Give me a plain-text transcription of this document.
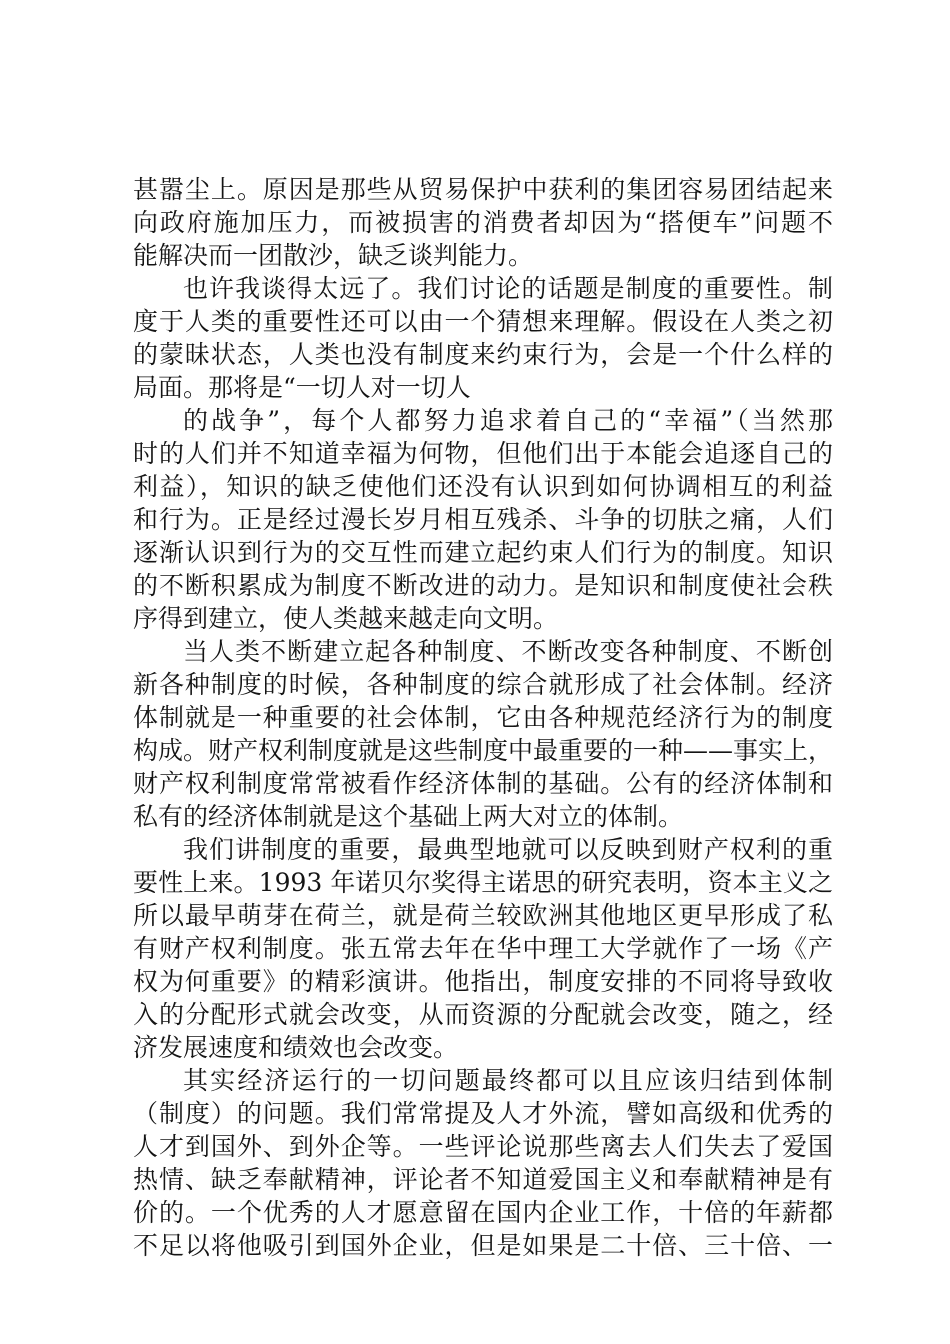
甚嚣尘上。原因是那些从贸易保护中获利的集团容易团结起来
向政府施加压力，而被损害的消费者却因为“搭便车”问题不
能解决而一团散沙，缺乏谈判能力。
也许我谈得太远了。我们讨论的话题是制度的重要性。制
度于人类的重要性还可以由一个猜想来理解。假设在人类之初
的蒙昧状态，人类也没有制度来约束行为，会是一个什么样的
局面。那将是“一切人对一切人
的战争”，每个人都努力追求着自己的“幸福”（当然那
时的人们并不知道幸福为何物，但他们出于本能会追逐自己的
利益），知识的缺乏使他们还没有认识到如何协调相互的利益
和行为。正是经过漫长岁月相互残杀、斗争的切肤之痛，人们
逐渐认识到行为的交互性而建立起约束人们行为的制度。知识
的不断积累成为制度不断改进的动力。是知识和制度使社会秩
序得到建立，使人类越来越走向文明。
当人类不断建立起各种制度、不断改变各种制度、不断创
新各种制度的时候，各种制度的综合就形成了社会体制。经济
体制就是一种重要的社会体制，它由各种规范经济行为的制度
构成。财产权利制度就是这些制度中最重要的一种——事实上，
财产权利制度常常被看作经济体制的基础。公有的经济体制和
私有的经济体制就是这个基础上两大对立的体制。
我们讲制度的重要，最典型地就可以反映到财产权利的重
要性上来。1993 年诺贝尔奖得主诺思的研究表明，资本主义之
所以最早萌芽在荷兰，就是荷兰较欧洲其他地区更早形成了私
有财产权利制度。张五常去年在华中理工大学就作了一场《产
权为何重要》的精彩演讲。他指出，制度安排的不同将导致收
入的分配形式就会改变，从而资源的分配就会改变，随之，经
济发展速度和绩效也会改变。
其实经济运行的一切问题最终都可以且应该归结到体制
（制度）的问题。我们常常提及人才外流，譬如高级和优秀的
人才到国外、到外企等。一些评论说那些离去人们失去了爱国
热情、缺乏奉献精神，评论者不知道爱国主义和奉献精神是有
价的。一个优秀的人才愿意留在国内企业工作，十倍的年薪都
不足以将他吸引到国外企业，但是如果是二十倍、三十倍、一
